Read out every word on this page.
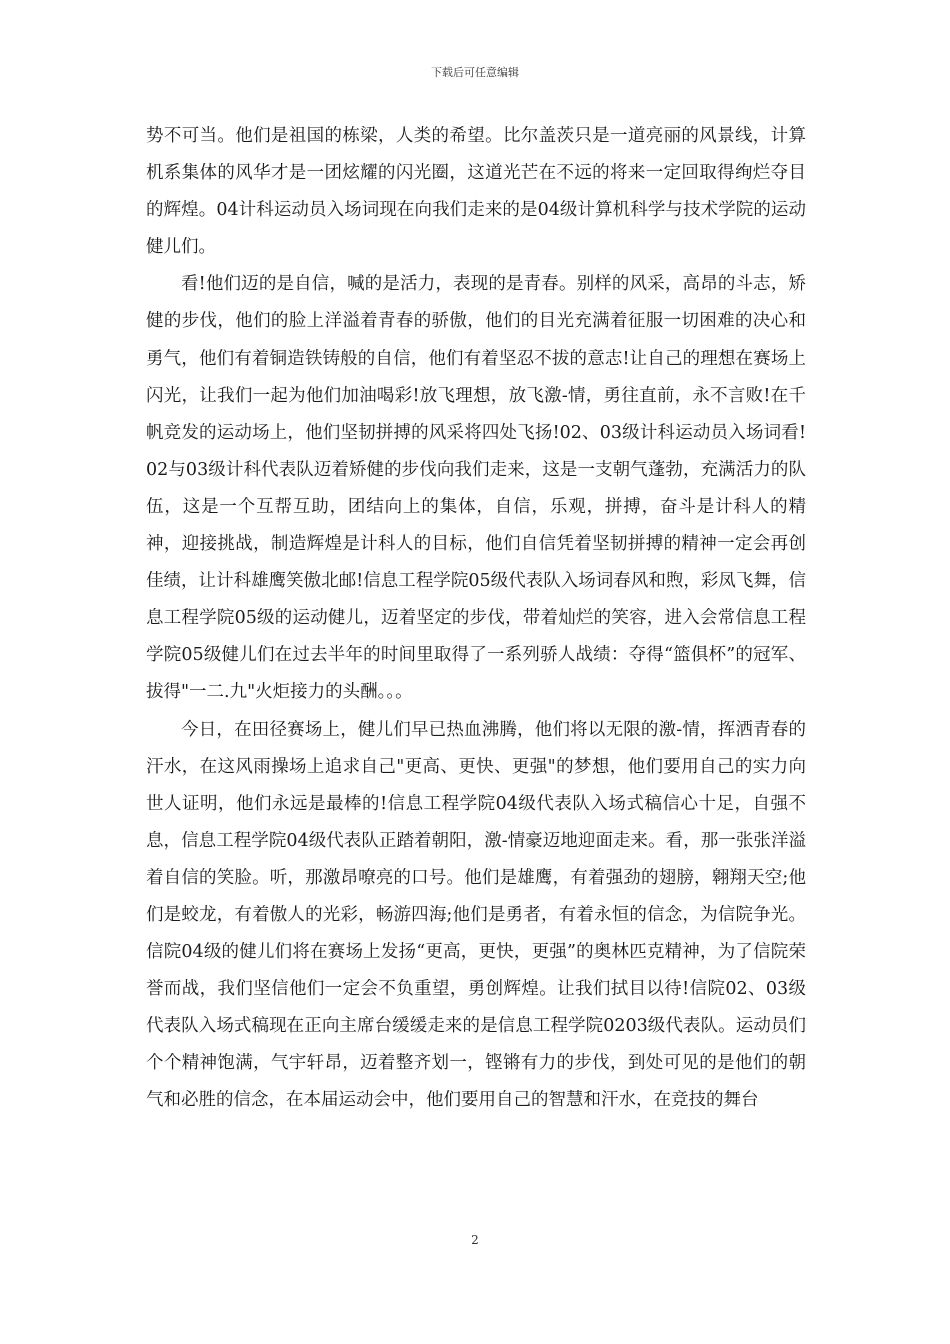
下载后可任意编辑

势不可当。他们是祖国的栋梁，人类的希望。比尔盖茨只是一道亮丽的风景线，计算机系集体的风华才是一团炫耀的闪光圈，这道光芒在不远的将来一定回取得绚烂夺目的辉煌。04计科运动员入场词现在向我们走来的是04级计算机科学与技术学院的运动健儿们。

看!他们迈的是自信，喊的是活力，表现的是青春。别样的风采，高昂的斗志，矫健的步伐，他们的脸上洋溢着青春的骄傲，他们的目光充满着征服一切困难的决心和勇气，他们有着铜造铁铸般的自信，他们有着坚忍不拔的意志!让自己的理想在赛场上闪光，让我们一起为他们加油喝彩!放飞理想，放飞激-情，勇往直前，永不言败!在千帆竞发的运动场上，他们坚韧拼搏的风采将四处飞扬!02、03级计科运动员入场词看!02与03级计科代表队迈着矫健的步伐向我们走来，这是一支朝气蓬勃，充满活力的队伍，这是一个互帮互助，团结向上的集体，自信，乐观，拼搏，奋斗是计科人的精神，迎接挑战，制造辉煌是计科人的目标，他们自信凭着坚韧拼搏的精神一定会再创佳绩，让计科雄鹰笑傲北邮!信息工程学院05级代表队入场词春风和煦，彩凤飞舞，信息工程学院05级的运动健儿，迈着坚定的步伐，带着灿烂的笑容，进入会常信息工程学院05级健儿们在过去半年的时间里取得了一系列骄人战绩：夺得“篮俱杯”的冠军、拔得"一二.九"火炬接力的头酬。。。

今日，在田径赛场上，健儿们早已热血沸腾，他们将以无限的激-情，挥洒青春的汗水，在这风雨操场上追求自己"更高、更快、更强"的梦想，他们要用自己的实力向世人证明，他们永远是最棒的!信息工程学院04级代表队入场式稿信心十足，自强不息，信息工程学院04级代表队正踏着朝阳，激-情豪迈地迎面走来。看，那一张张洋溢着自信的笑脸。听，那激昂嘹亮的口号。他们是雄鹰，有着强劲的翅膀，翱翔天空;他们是蛟龙，有着傲人的光彩，畅游四海;他们是勇者，有着永恒的信念，为信院争光。信院04级的健儿们将在赛场上发扬“更高，更快，更强”的奥林匹克精神，为了信院荣誉而战，我们坚信他们一定会不负重望，勇创辉煌。让我们拭目以待!信院02、03级代表队入场式稿现在正向主席台缓缓走来的是信息工程学院0203级代表队。运动员们个个精神饱满，气宇轩昂，迈着整齐划一，铿锵有力的步伐，到处可见的是他们的朝气和必胜的信念，在本届运动会中，他们要用自己的智慧和汗水，在竞技的舞台

2
